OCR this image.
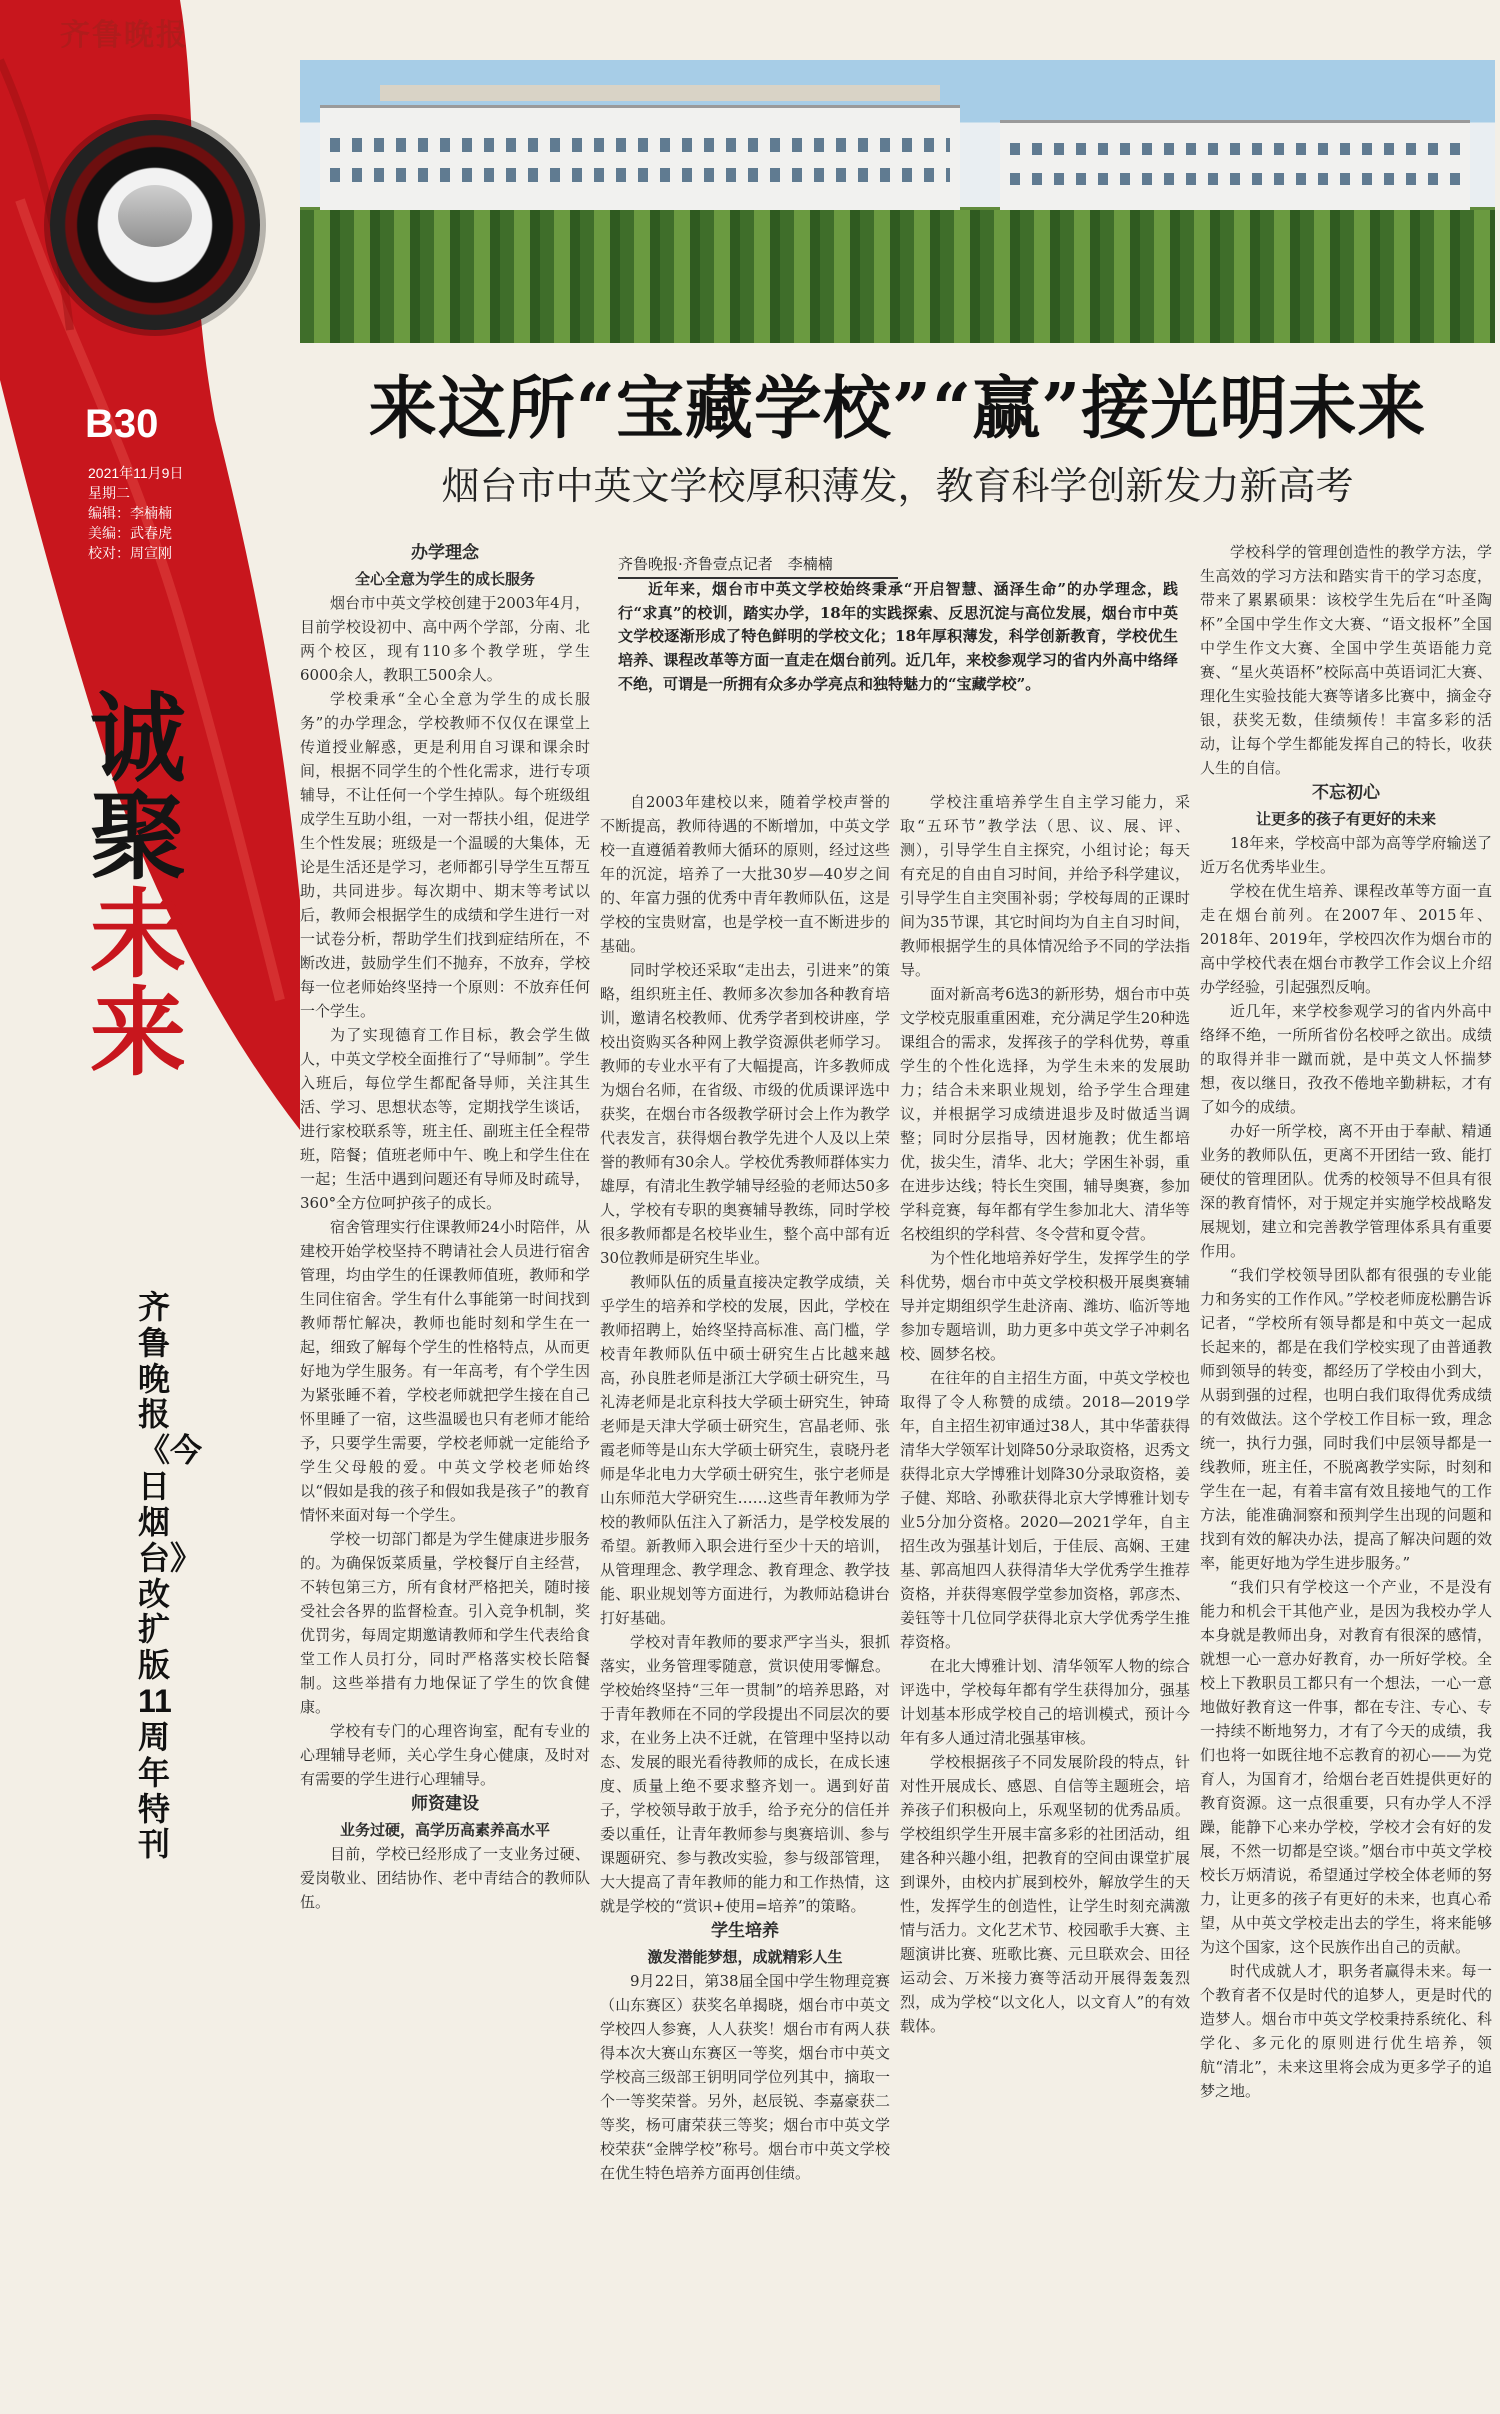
齐鲁晚报
B30
2021年11月9日
星期二
编辑：李楠楠
美编：武春虎
校对：周宣刚
诚
聚
未
来
齐鲁晚报《今日烟台》改扩版11周年特刊
来这所“宝藏学校”“赢”接光明未来
烟台市中英文学校厚积薄发，教育科学创新发力新高考
齐鲁晚报·齐鲁壹点记者　李楠楠
近年来，烟台市中英文学校始终秉承“开启智慧、涵泽生命”的办学理念，践行“求真”的校训，踏实办学，18年的实践探索、反思沉淀与高位发展，烟台市中英文学校逐渐形成了特色鲜明的学校文化；18年厚积薄发，科学创新教育，学校优生培养、课程改革等方面一直走在烟台前列。近几年，来校参观学习的省内外高中络绎不绝，可谓是一所拥有众多办学亮点和独特魅力的“宝藏学校”。

办学理念

全心全意为学生的成长服务

烟台市中英文学校创建于2003年4月，目前学校设初中、高中两个学部，分南、北两个校区，现有110多个教学班，学生6000余人，教职工500余人。

学校秉承“全心全意为学生的成长服务”的办学理念，学校教师不仅仅在课堂上传道授业解惑，更是利用自习课和课余时间，根据不同学生的个性化需求，进行专项辅导，不让任何一个学生掉队。每个班级组成学生互助小组，一对一帮扶小组，促进学生个性发展；班级是一个温暖的大集体，无论是生活还是学习，老师都引导学生互帮互助，共同进步。每次期中、期末等考试以后，教师会根据学生的成绩和学生进行一对一试卷分析，帮助学生们找到症结所在，不断改进，鼓励学生们不抛弃，不放弃，学校每一位老师始终坚持一个原则：不放弃任何一个学生。

为了实现德育工作目标，教会学生做人，中英文学校全面推行了“导师制”。学生入班后，每位学生都配备导师，关注其生活、学习、思想状态等，定期找学生谈话，进行家校联系等，班主任、副班主任全程带班，陪餐；值班老师中午、晚上和学生住在一起；生活中遇到问题还有导师及时疏导，360°全方位呵护孩子的成长。

宿舍管理实行住课教师24小时陪伴，从建校开始学校坚持不聘请社会人员进行宿舍管理，均由学生的任课教师值班，教师和学生同住宿舍。学生有什么事能第一时间找到教师帮忙解决，教师也能时刻和学生在一起，细致了解每个学生的性格特点，从而更好地为学生服务。有一年高考，有个学生因为紧张睡不着，学校老师就把学生接在自己怀里睡了一宿，这些温暖也只有老师才能给予，只要学生需要，学校老师就一定能给予学生父母般的爱。中英文学校老师始终以“假如是我的孩子和假如我是孩子”的教育情怀来面对每一个学生。

学校一切部门都是为学生健康进步服务的。为确保饭菜质量，学校餐厅自主经营，不转包第三方，所有食材严格把关，随时接受社会各界的监督检查。引入竞争机制，奖优罚劣，每周定期邀请教师和学生代表给食堂工作人员打分，同时严格落实校长陪餐制。这些举措有力地保证了学生的饮食健康。

学校有专门的心理咨询室，配有专业的心理辅导老师，关心学生身心健康，及时对有需要的学生进行心理辅导。

师资建设

业务过硬，高学历高素养高水平

目前，学校已经形成了一支业务过硬、爱岗敬业、团结协作、老中青结合的教师队伍。

自2003年建校以来，随着学校声誉的不断提高，教师待遇的不断增加，中英文学校一直遵循着教师大循环的原则，经过这些年的沉淀，培养了一大批30岁—40岁之间的、年富力强的优秀中青年教师队伍，这是学校的宝贵财富，也是学校一直不断进步的基础。

同时学校还采取“走出去，引进来”的策略，组织班主任、教师多次参加各种教育培训，邀请名校教师、优秀学者到校讲座，学校出资购买各种网上教学资源供老师学习。教师的专业水平有了大幅提高，许多教师成为烟台名师，在省级、市级的优质课评选中获奖，在烟台市各级教学研讨会上作为教学代表发言，获得烟台教学先进个人及以上荣誉的教师有30余人。学校优秀教师群体实力雄厚，有清北生教学辅导经验的老师达50多人，学校有专职的奥赛辅导教练，同时学校很多教师都是名校毕业生，整个高中部有近30位教师是研究生毕业。

教师队伍的质量直接决定教学成绩，关乎学生的培养和学校的发展，因此，学校在教师招聘上，始终坚持高标准、高门槛，学校青年教师队伍中硕士研究生占比越来越高，孙良胜老师是浙江大学硕士研究生，马礼涛老师是北京科技大学硕士研究生，钟琦老师是天津大学硕士研究生，宫晶老师、张霞老师等是山东大学硕士研究生，袁晓丹老师是华北电力大学硕士研究生，张宁老师是山东师范大学研究生……这些青年教师为学校的教师队伍注入了新活力，是学校发展的希望。新教师入职会进行至少十天的培训，从管理理念、教学理念、教育理念、教学技能、职业规划等方面进行，为教师站稳讲台打好基础。

学校对青年教师的要求严字当头，狠抓落实，业务管理零随意，赏识使用零懈怠。学校始终坚持“三年一贯制”的培养思路，对于青年教师在不同的学段提出不同层次的要求，在业务上决不迁就，在管理中坚持以动态、发展的眼光看待教师的成长，在成长速度、质量上绝不要求整齐划一。遇到好苗子，学校领导敢于放手，给予充分的信任并委以重任，让青年教师参与奥赛培训、参与课题研究、参与教改实验，参与级部管理，大大提高了青年教师的能力和工作热情，这就是学校的“赏识+使用=培养”的策略。

学生培养

激发潜能梦想，成就精彩人生

9月22日，第38届全国中学生物理竞赛（山东赛区）获奖名单揭晓，烟台市中英文学校四人参赛，人人获奖！烟台市有两人获得本次大赛山东赛区一等奖，烟台市中英文学校高三级部王钥明同学位列其中，摘取一个一等奖荣誉。另外，赵辰锐、李嘉豪获二等奖，杨可庸荣获三等奖；烟台市中英文学校荣获“金牌学校”称号。烟台市中英文学校在优生特色培养方面再创佳绩。

学校注重培养学生自主学习能力，采取“五环节”教学法（思、议、展、评、测），引导学生自主探究，小组讨论；每天有充足的自由自习时间，并给予科学建议，引导学生自主突围补弱；学校每周的正课时间为35节课，其它时间均为自主自习时间，教师根据学生的具体情况给予不同的学法指导。

面对新高考6选3的新形势，烟台市中英文学校克服重重困难，充分满足学生20种选课组合的需求，发挥孩子的学科优势，尊重学生的个性化选择，为学生未来的发展助力；结合未来职业规划，给予学生合理建议，并根据学习成绩进退步及时做适当调整；同时分层指导，因材施教；优生都培优，拔尖生，清华、北大；学困生补弱，重在进步达线；特长生突围，辅导奥赛，参加学科竞赛，每年都有学生参加北大、清华等名校组织的学科营、冬令营和夏令营。

为个性化地培养好学生，发挥学生的学科优势，烟台市中英文学校积极开展奥赛辅导并定期组织学生赴济南、潍坊、临沂等地参加专题培训，助力更多中英文学子冲刺名校、圆梦名校。

在往年的自主招生方面，中英文学校也取得了令人称赞的成绩。2018—2019学年，自主招生初审通过38人，其中华蕾获得清华大学领军计划降50分录取资格，迟秀文获得北京大学博雅计划降30分录取资格，姜子健、郑晗、孙歌获得北京大学博雅计划专业5分加分资格。2020—2021学年，自主招生改为强基计划后，于佳辰、高娴、王建基、郭高旭四人获得清华大学优秀学生推荐资格，并获得寒假学堂参加资格，郭彦杰、姜钰等十几位同学获得北京大学优秀学生推荐资格。

在北大博雅计划、清华领军人物的综合评选中，学校每年都有学生获得加分，强基计划基本形成学校自己的培训模式，预计今年有多人通过清北强基审核。

学校根据孩子不同发展阶段的特点，针对性开展成长、感恩、自信等主题班会，培养孩子们积极向上，乐观坚韧的优秀品质。学校组织学生开展丰富多彩的社团活动，组建各种兴趣小组，把教育的空间由课堂扩展到课外，由校内扩展到校外，解放学生的天性，发挥学生的创造性，让学生时刻充满激情与活力。文化艺术节、校园歌手大赛、主题演讲比赛、班歌比赛、元旦联欢会、田径运动会、万米接力赛等活动开展得轰轰烈烈，成为学校“以文化人，以文育人”的有效载体。

学校科学的管理创造性的教学方法，学生高效的学习方法和踏实肯干的学习态度，带来了累累硕果：该校学生先后在“叶圣陶杯”全国中学生作文大赛、“语文报杯”全国中学生作文大赛、全国中学生英语能力竞赛、“星火英语杯”校际高中英语词汇大赛、理化生实验技能大赛等诸多比赛中，摘金夺银，获奖无数，佳绩频传！丰富多彩的活动，让每个学生都能发挥自己的特长，收获人生的自信。

不忘初心

让更多的孩子有更好的未来

18年来，学校高中部为高等学府输送了近万名优秀毕业生。

学校在优生培养、课程改革等方面一直走在烟台前列。在2007年、2015年、2018年、2019年，学校四次作为烟台市的高中学校代表在烟台市教学工作会议上介绍办学经验，引起强烈反响。

近几年，来学校参观学习的省内外高中络绎不绝，一所所省份名校呼之欲出。成绩的取得并非一蹴而就，是中英文人怀揣梦想，夜以继日，孜孜不倦地辛勤耕耘，才有了如今的成绩。

办好一所学校，离不开由于奉献、精通业务的教师队伍，更离不开团结一致、能打硬仗的管理团队。优秀的校领导不但具有很深的教育情怀，对于规定并实施学校战略发展规划，建立和完善教学管理体系具有重要作用。

“我们学校领导团队都有很强的专业能力和务实的工作作风。”学校老师庞松鹏告诉记者，“学校所有领导都是和中英文一起成长起来的，都是在我们学校实现了由普通教师到领导的转变，都经历了学校由小到大，从弱到强的过程，也明白我们取得优秀成绩的有效做法。这个学校工作目标一致，理念统一，执行力强，同时我们中层领导都是一线教师，班主任，不脱离教学实际，时刻和学生在一起，有着丰富有效且接地气的工作方法，能准确洞察和预判学生出现的问题和找到有效的解决办法，提高了解决问题的效率，能更好地为学生进步服务。”

“我们只有学校这一个产业，不是没有能力和机会干其他产业，是因为我校办学人本身就是教师出身，对教育有很深的感情，就想一心一意办好教育，办一所好学校。全校上下教职员工都只有一个想法，一心一意地做好教育这一件事，都在专注、专心、专一持续不断地努力，才有了今天的成绩，我们也将一如既往地不忘教育的初心——为党育人，为国育才，给烟台老百姓提供更好的教育资源。这一点很重要，只有办学人不浮躁，能静下心来办学校，学校才会有好的发展，不然一切都是空谈。”烟台市中英文学校校长万炳清说，希望通过学校全体老师的努力，让更多的孩子有更好的未来，也真心希望，从中英文学校走出去的学生，将来能够为这个国家，这个民族作出自己的贡献。

时代成就人才，职务者赢得未来。每一个教育者不仅是时代的追梦人，更是时代的造梦人。烟台市中英文学校秉持系统化、科学化、多元化的原则进行优生培养，领航“清北”，未来这里将会成为更多学子的追梦之地。
